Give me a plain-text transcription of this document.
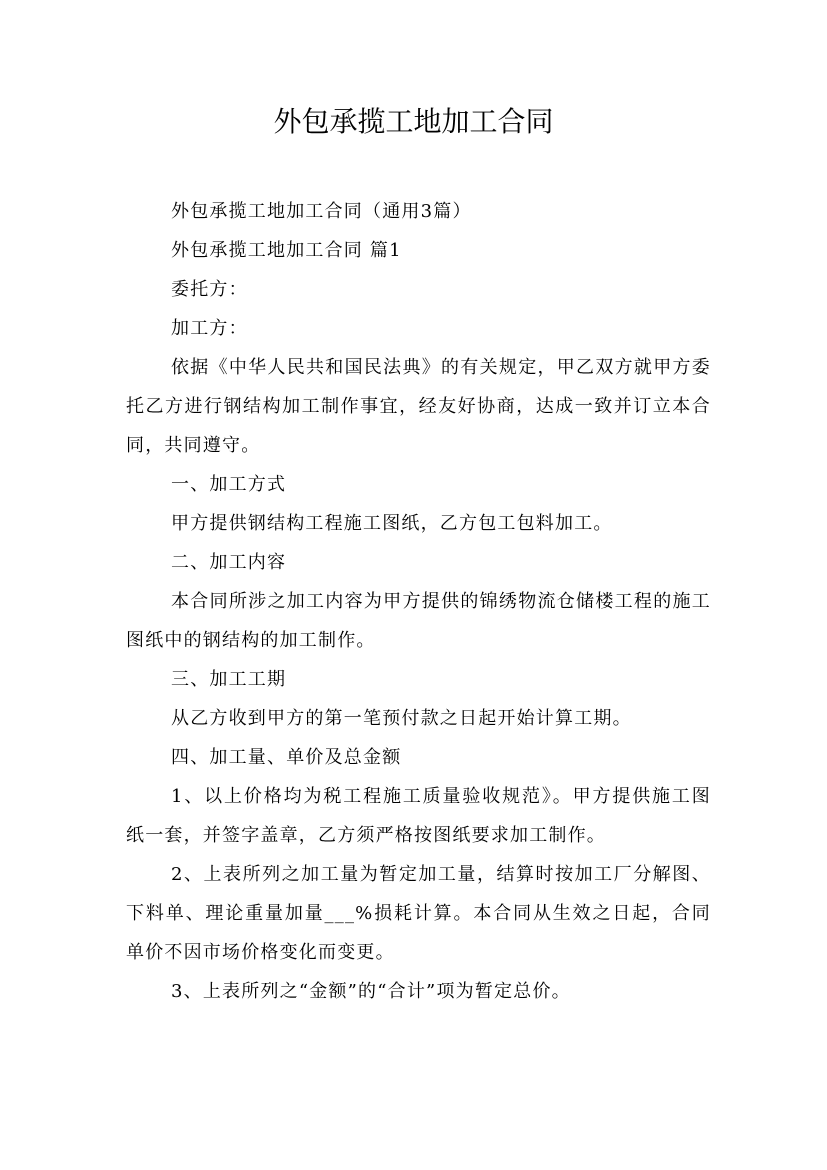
外包承揽工地加工合同

外包承揽工地加工合同（通用3篇）

外包承揽工地加工合同 篇1

委托方：

加工方：

依据《中华人民共和国民法典》的有关规定，甲乙双方就甲方委托乙方进行钢结构加工制作事宜，经友好协商，达成一致并订立本合同，共同遵守。

一、加工方式

甲方提供钢结构工程施工图纸，乙方包工包料加工。

二、加工内容

本合同所涉之加工内容为甲方提供的锦绣物流仓储楼工程的施工图纸中的钢结构的加工制作。

三、加工工期

从乙方收到甲方的第一笔预付款之日起开始计算工期。

四、加工量、单价及总金额

1、以上价格均为税工程施工质量验收规范》。甲方提供施工图纸一套，并签字盖章，乙方须严格按图纸要求加工制作。

2、上表所列之加工量为暂定加工量，结算时按加工厂分解图、下料单、理论重量加量___%损耗计算。本合同从生效之日起，合同单价不因市场价格变化而变更。

3、上表所列之“金额”的“合计”项为暂定总价。
